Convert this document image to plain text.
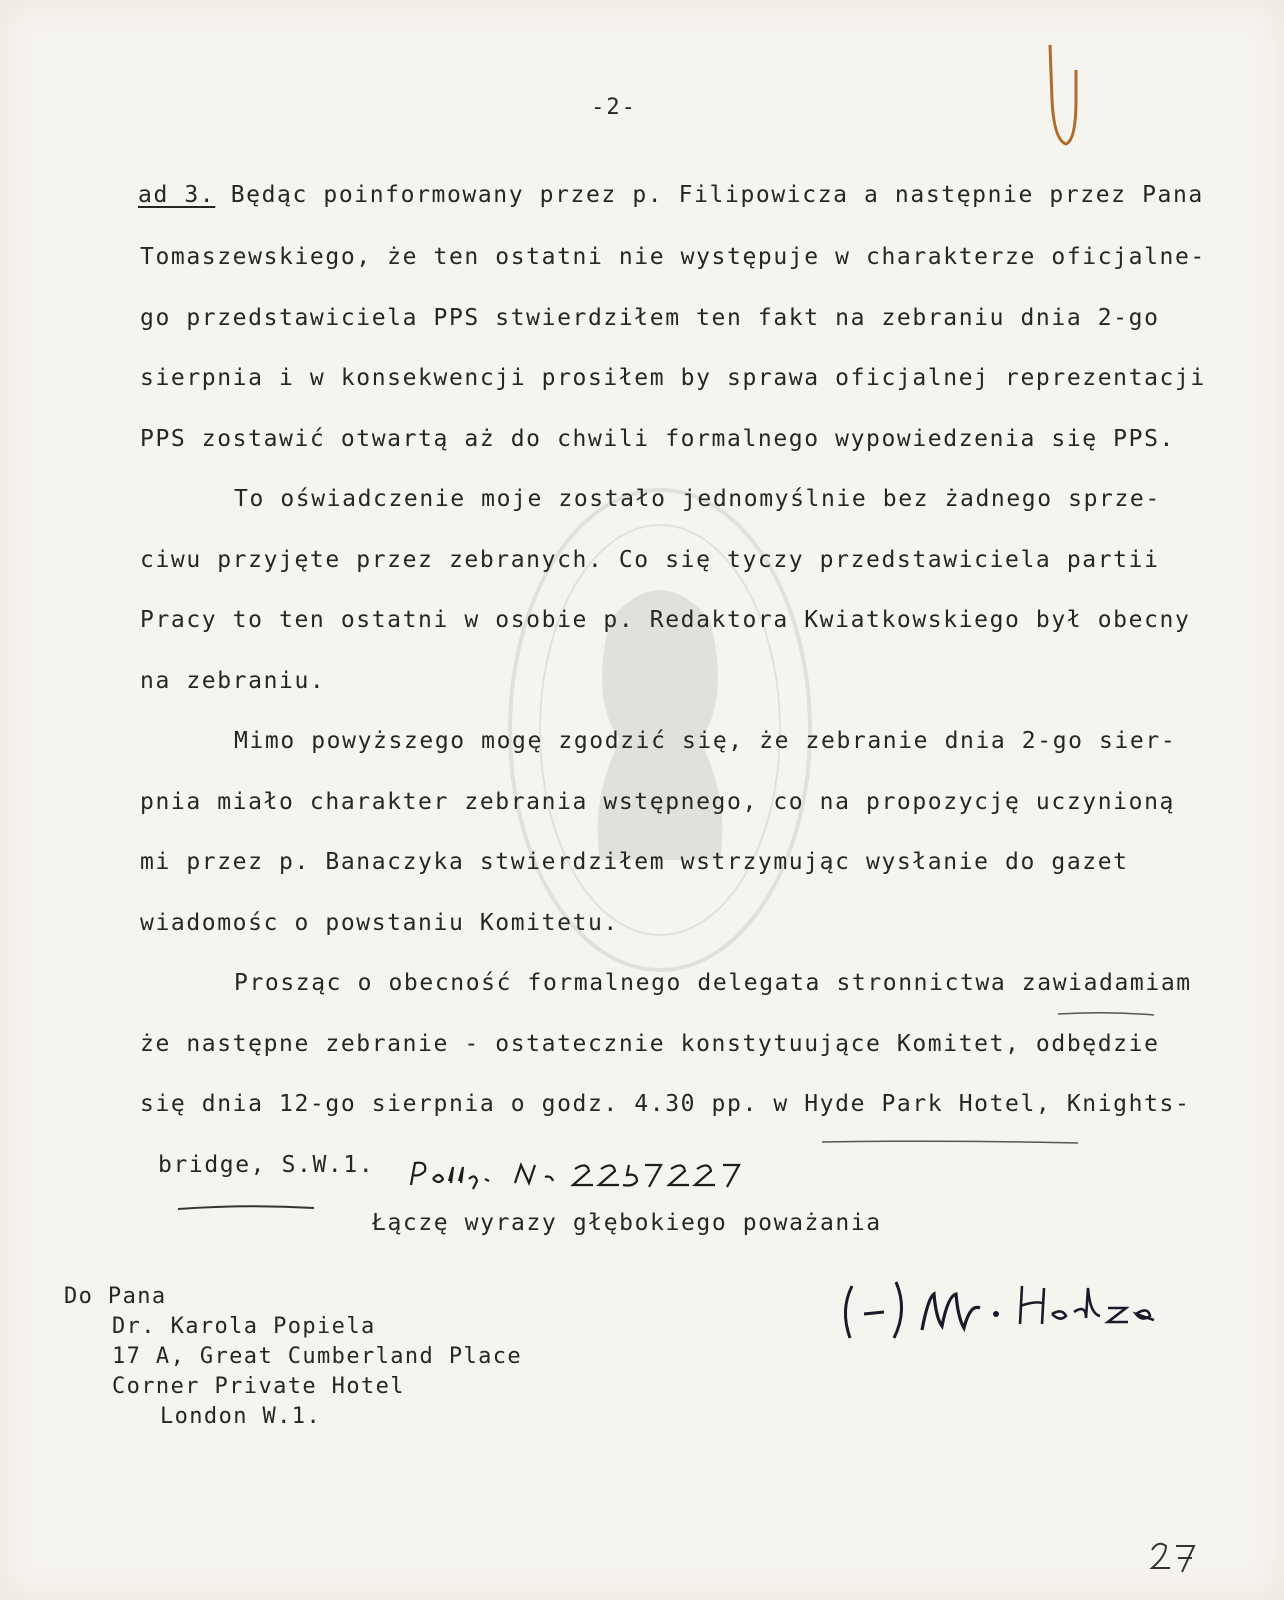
-2-
ad 3. Będąc poinformowany przez p. Filipowicza a następnie przez Pana
Tomaszewskiego, że ten ostatni nie występuje w charakterze oficjalne-
go przedstawiciela PPS stwierdziłem ten fakt na zebraniu dnia 2-go
sierpnia i w konsekwencji prosiłem by sprawa oficjalnej reprezentacji
PPS zostawić otwartą aż do chwili formalnego wypowiedzenia się PPS.
To oświadczenie moje zostało jednomyślnie bez żadnego sprze-
ciwu przyjęte przez zebranych. Co się tyczy przedstawiciela partii
Pracy to ten ostatni w osobie p. Redaktora Kwiatkowskiego był obecny
na zebraniu.
Mimo powyższego mogę zgodzić się, że zebranie dnia 2-go sier-
pnia miało charakter zebrania wstępnego, co na propozycję uczynioną
mi przez p. Banaczyka stwierdziłem wstrzymując wysłanie do gazet
wiadomośc o powstaniu Komitetu.
Prosząc o obecność formalnego delegata stronnictwa zawiadamiam
że następne zebranie - ostatecznie konstytuujące Komitet, odbędzie
się dnia 12-go sierpnia o godz. 4.30 pp. w Hyde Park Hotel, Knights-
bridge, S.W.1.
Łączę wyrazy głębokiego poważania
Do Pana
Dr. Karola Popiela
17 A, Great Cumberland Place
Corner Private Hotel
London W.1.
